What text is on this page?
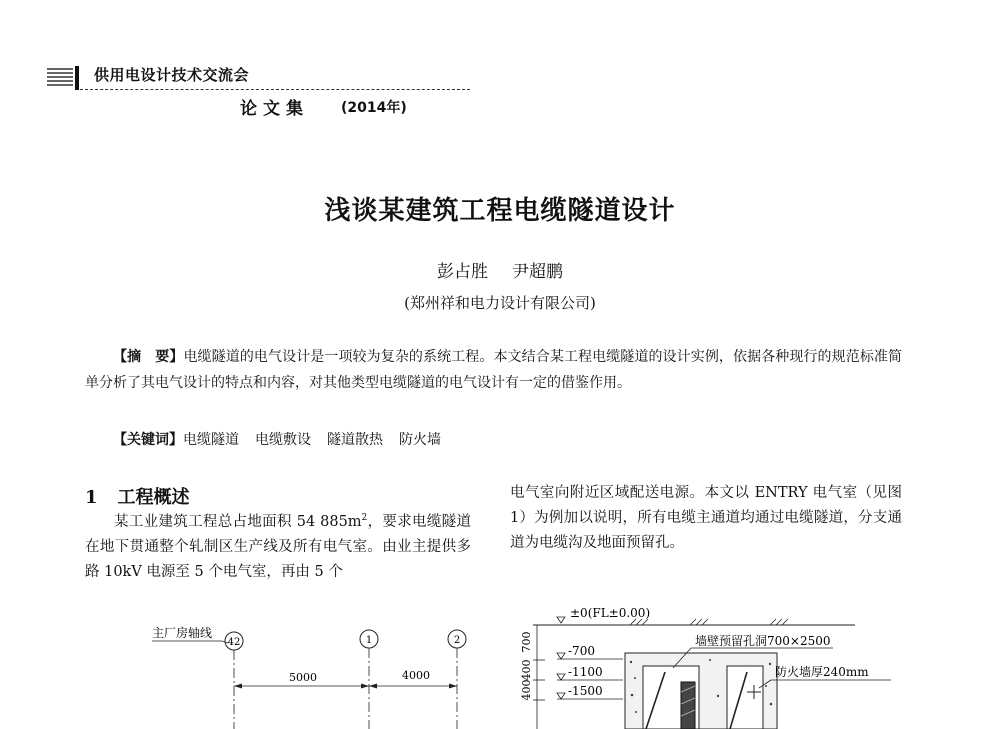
供用电设计技术交流会
论文集 (2014年)
浅谈某建筑工程电缆隧道设计
彭占胜 尹超鹏
(郑州祥和电力设计有限公司)
【摘　要】电缆隧道的电气设计是一项较为复杂的系统工程。本文结合某工程电缆隧道的设计实例，依据各种现行的规范标准简单分析了其电气设计的特点和内容，对其他类型电缆隧道的电气设计有一定的借鉴作用。
【关键词】电缆隧道 电缆敷设 隧道散热 防火墙
1 工程概述
某工业建筑工程总占地面积 54 $885m^2$，要求电缆隧道在地下贯通整个轧制区生产线及所有电气室。由业主提供多路 10kV 电源至 5 个电气室，再由 5 个
电气室向附近区域配送电源。本文以 ENTRY 电气室（见图 1）为例加以说明，所有电缆主通道均通过电缆隧道，分支通道为电缆沟及地面预留孔。
主厂房轴线
42	1	2
5000	4000
±0(FL±0.00)
700
400
400
-700
-1100
-1500
墙壁预留孔洞700×2500
防火墙厚240mm
